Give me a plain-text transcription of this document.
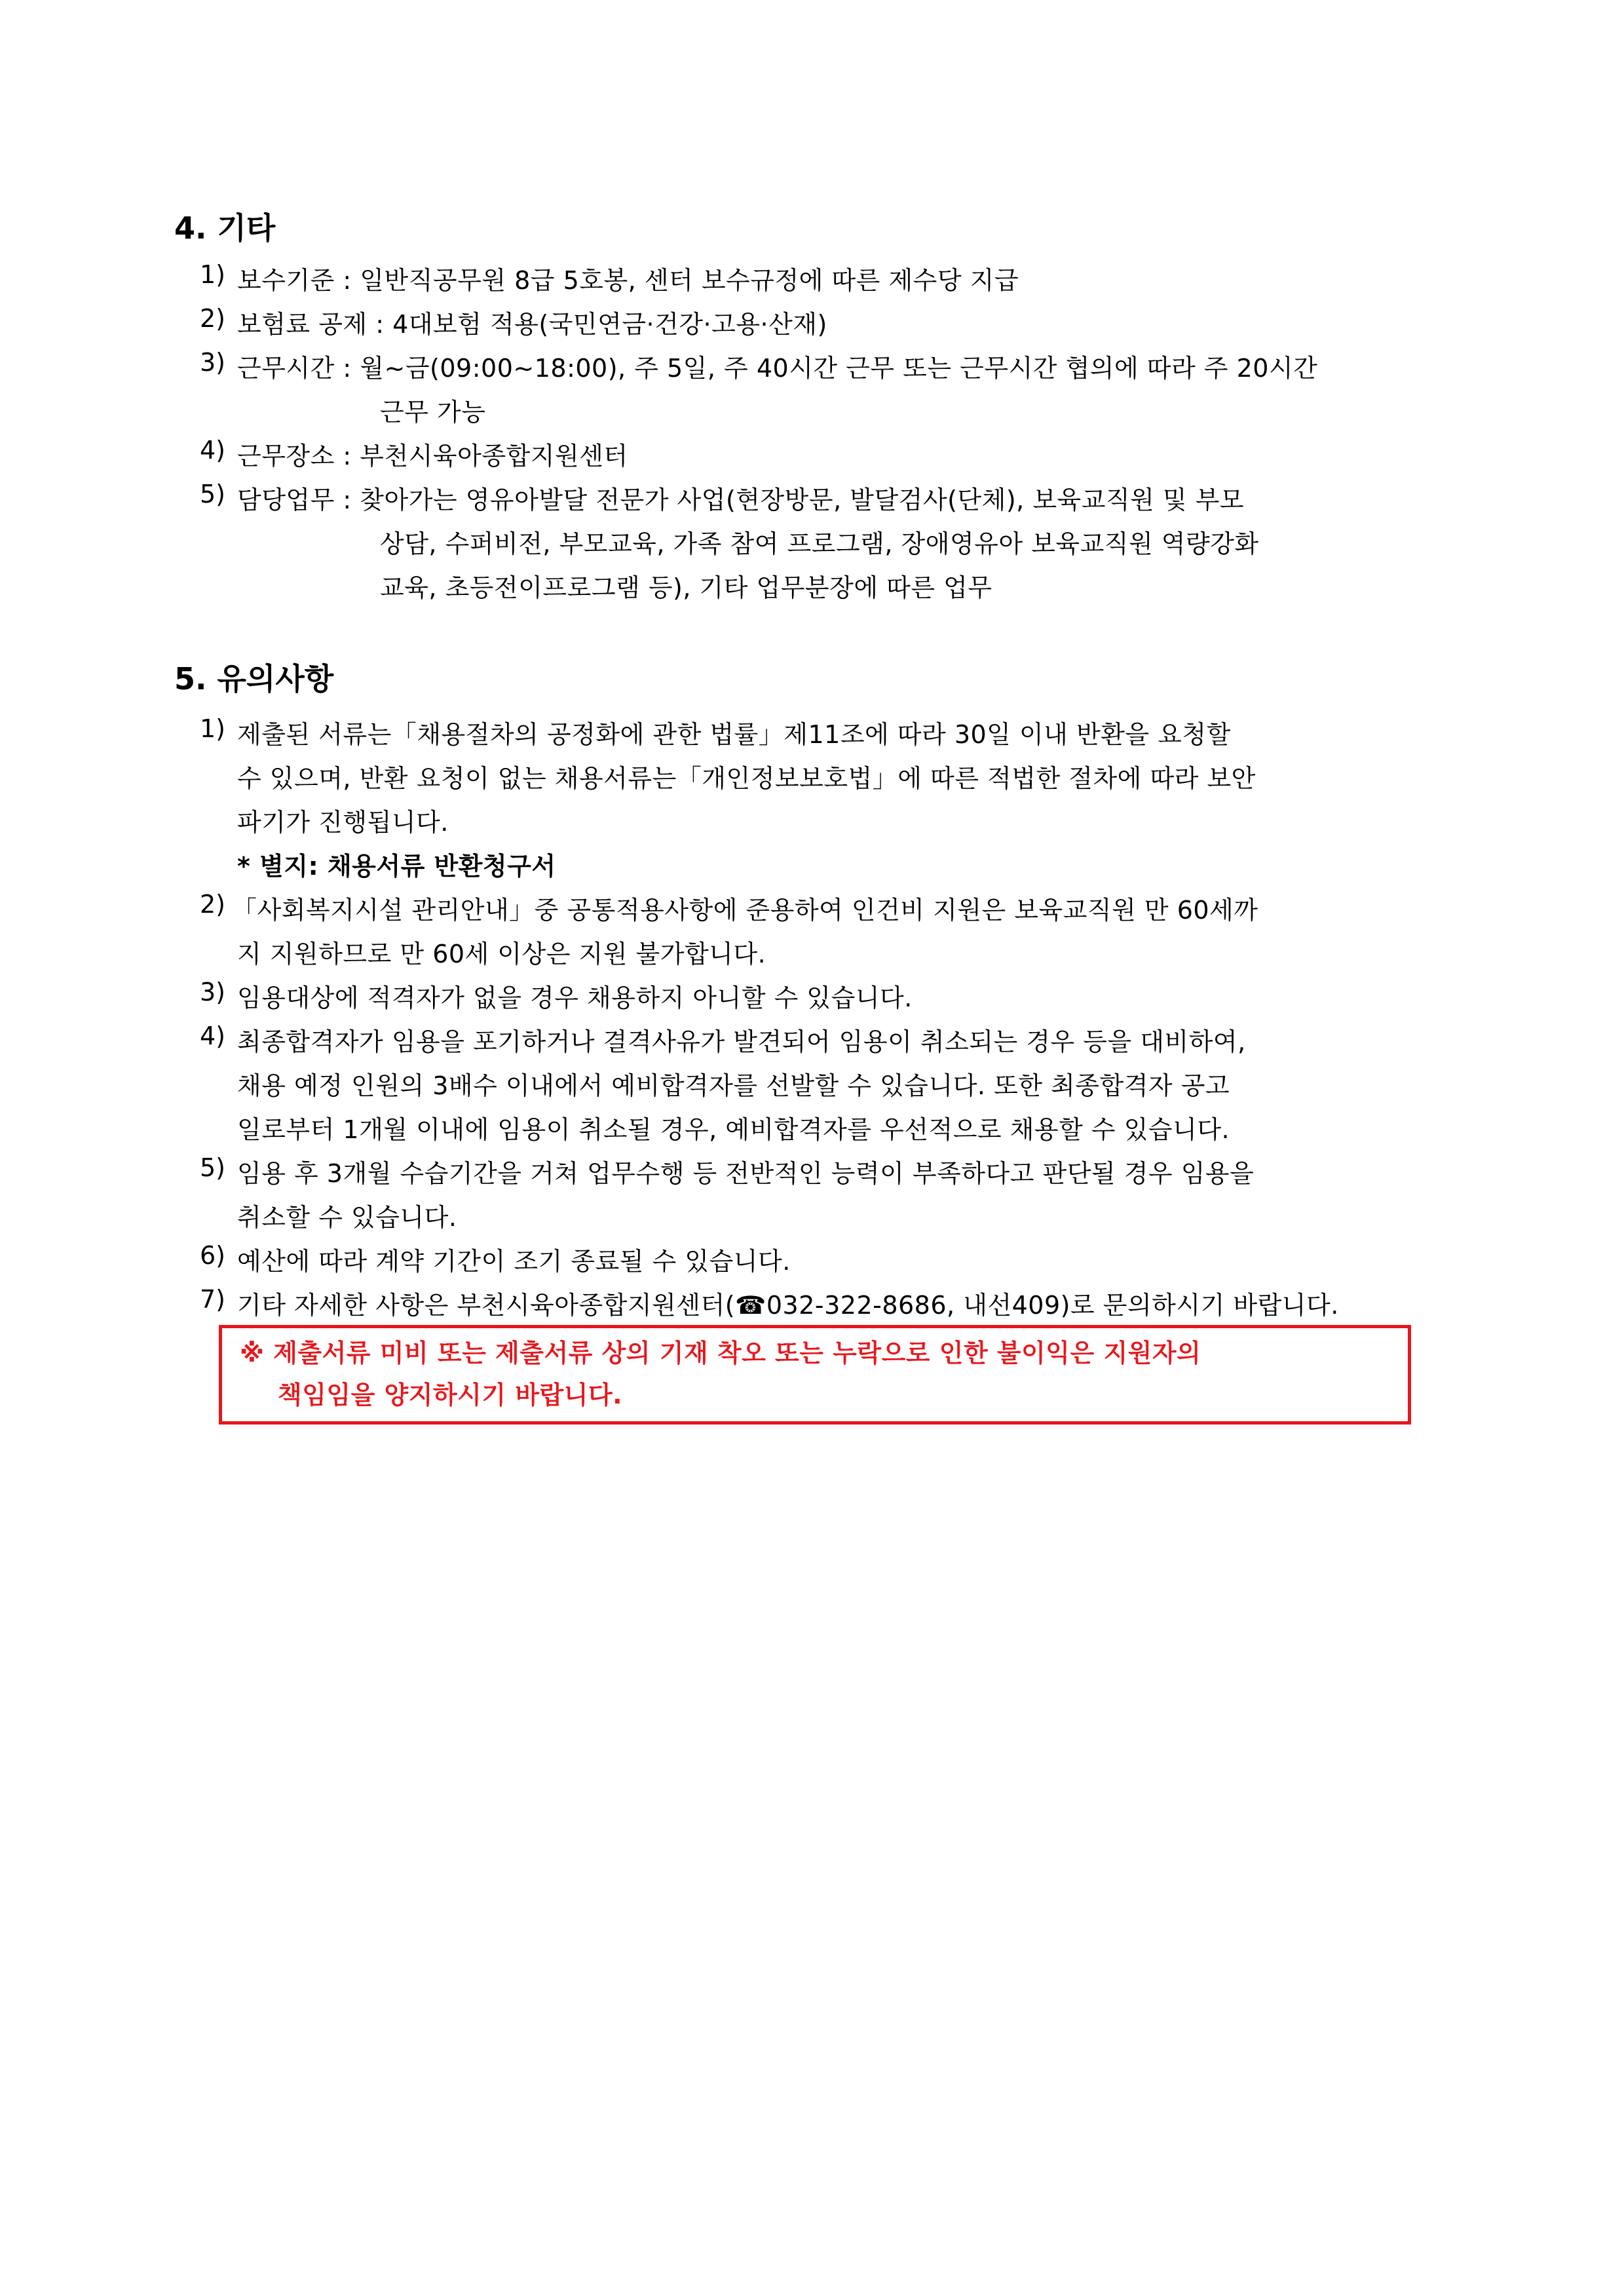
4. 기타
1) 보수기준 : 일반직공무원 8급 5호봉, 센터 보수규정에 따른 제수당 지급
2) 보험료 공제 : 4대보험 적용(국민연금·건강·고용·산재)
3) 근무시간 : 월~금(09:00~18:00), 주 5일, 주 40시간 근무 또는 근무시간 협의에 따라 주 20시간
근무 가능
4) 근무장소 : 부천시육아종합지원센터
5) 담당업무 : 찾아가는 영유아발달 전문가 사업(현장방문, 발달검사(단체), 보육교직원 및 부모
상담, 수퍼비전, 부모교육, 가족 참여 프로그램, 장애영유아 보육교직원 역량강화
교육, 초등전이프로그램 등), 기타 업무분장에 따른 업무
5. 유의사항
1) 제출된 서류는「채용절차의 공정화에 관한 법률」제11조에 따라 30일 이내 반환을 요청할
수 있으며, 반환 요청이 없는 채용서류는「개인정보보호법」에 따른 적법한 절차에 따라 보안
파기가 진행됩니다.
* 별지: 채용서류 반환청구서
2) 「사회복지시설 관리안내」중 공통적용사항에 준용하여 인건비 지원은 보육교직원 만 60세까
지 지원하므로 만 60세 이상은 지원 불가합니다.
3) 임용대상에 적격자가 없을 경우 채용하지 아니할 수 있습니다.
4) 최종합격자가 임용을 포기하거나 결격사유가 발견되어 임용이 취소되는 경우 등을 대비하여,
채용 예정 인원의 3배수 이내에서 예비합격자를 선발할 수 있습니다. 또한 최종합격자 공고
일로부터 1개월 이내에 임용이 취소될 경우, 예비합격자를 우선적으로 채용할 수 있습니다.
5) 임용 후 3개월 수습기간을 거쳐 업무수행 등 전반적인 능력이 부족하다고 판단될 경우 임용을
취소할 수 있습니다.
6) 예산에 따라 계약 기간이 조기 종료될 수 있습니다.
7) 기타 자세한 사항은 부천시육아종합지원센터(☎032-322-8686, 내선409)로 문의하시기 바랍니다.
※ 제출서류 미비 또는 제출서류 상의 기재 착오 또는 누락으로 인한 불이익은 지원자의
책임임을 양지하시기 바랍니다.
